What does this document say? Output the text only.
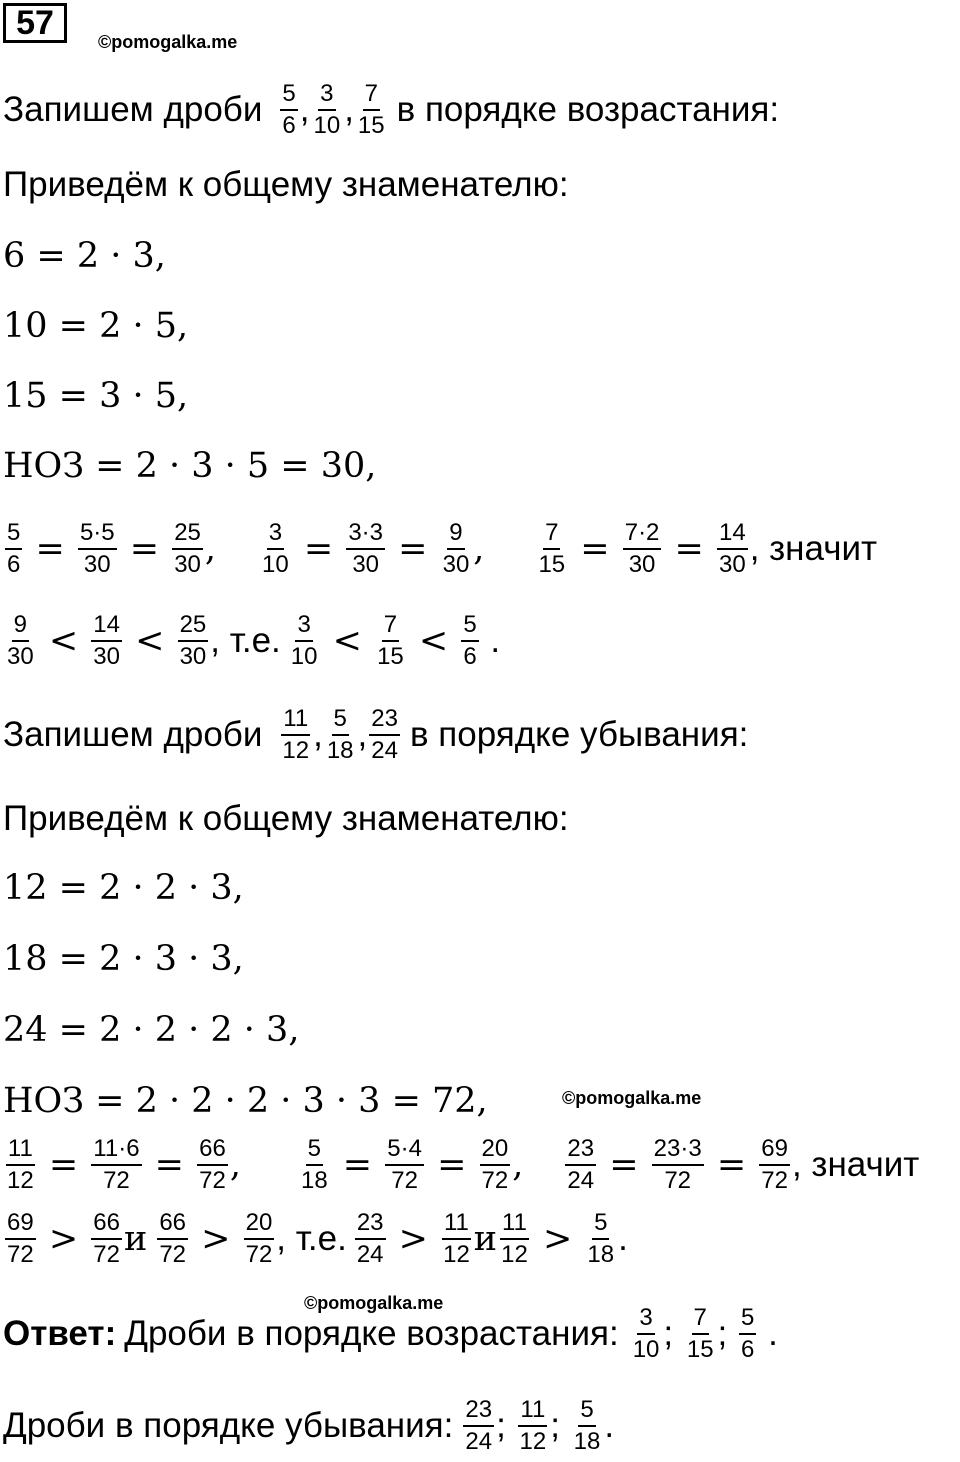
57	©pomogalka.me
Запишем дроби $\frac{5}{6}$ , $\frac{3}{10}$ , $\frac{7}{15}$ в порядке возрастания:
Приведём к общему знаменателю:
6 = 2 · 3,
10 = 2 · 5,
15 = 3 · 5,
НОЗ = 2 · 3 · 5 = 30,
$\frac{5}{6} = \frac{5\cdot 5}{30} = \frac{25}{30}$ , $\frac{3}{10} = \frac{3\cdot 3}{30} = \frac{9}{30}$ , $\frac{7}{15} = \frac{7\cdot 2}{30} = \frac{14}{30}$ , значит
$\frac{9}{30} < \frac{14}{30} < \frac{25}{30}$ , т.е. $\frac{3}{10} < \frac{7}{15} < \frac{5}{6}$ .
Запишем дроби $\frac{11}{12}$ , $\frac{5}{18}$ , $\frac{23}{24}$ в порядке убывания:
Приведём к общему знаменателю:
12 = 2 · 2 · 3,
18 = 2 · 3 · 3,
24 = 2 · 2 · 2 · 3,
НОЗ = 2 · 2 · 2 · 3 · 3 = 72,	©pomogalka.me
$\frac{11}{12} = \frac{11\cdot 6}{72} = \frac{66}{72}$ , $\frac{5}{18} = \frac{5\cdot 4}{72} = \frac{20}{72}$ , $\frac{23}{24} = \frac{23\cdot 3}{72} = \frac{69}{72}$ , значит
$\frac{69}{72} > \frac{66}{72}$ и $\frac{66}{72} > \frac{20}{72}$ , т.е. $\frac{23}{24} > \frac{11}{12}$ и $\frac{11}{12} > \frac{5}{18}$ .
©pomogalka.me
Ответ: Дроби в порядке возрастания: $\frac{3}{10}$ ; $\frac{7}{15}$ ; $\frac{5}{6}$ .
Дроби в порядке убывания: $\frac{23}{24}$ ; $\frac{11}{12}$ ; $\frac{5}{18}$ .
